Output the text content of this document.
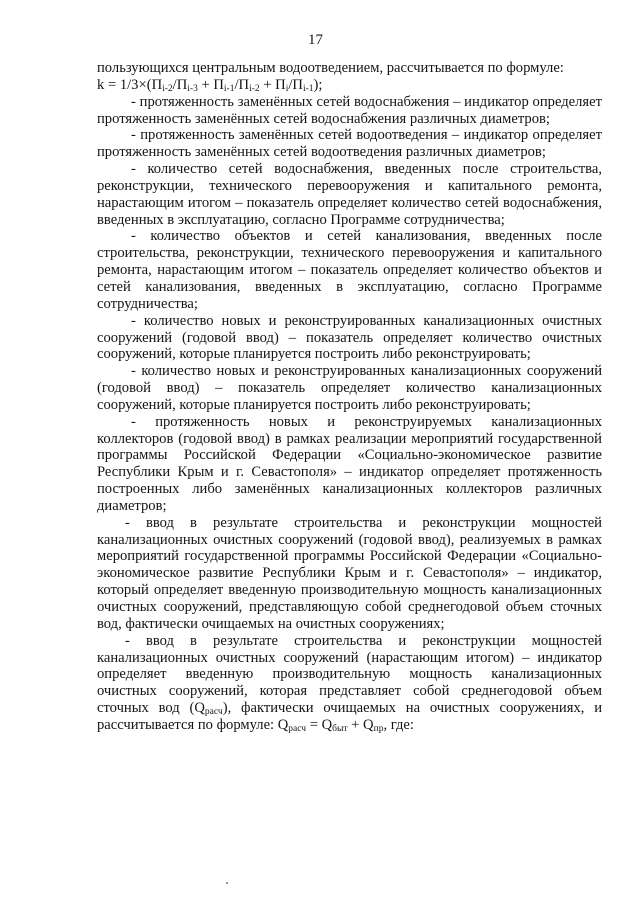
17

пользующихся центральным водоотведением, рассчитывается по формуле:

$k = 1/3\times(П_{i-2}/П_{i-3} + П_{i-1}/П_{i-2} + П_i/П_{i-1})$;

- протяженность заменённых сетей водоснабжения – индикатор определяет протяженность заменённых сетей водоснабжения различных диаметров;

- протяженность заменённых сетей водоотведения – индикатор определяет протяженность заменённых сетей водоотведения различных диаметров;

- количество сетей водоснабжения, введенных после строительства, реконструкции, технического перевооружения и капитального ремонта, нарастающим итогом – показатель определяет количество сетей водоснабжения, введенных в эксплуатацию, согласно Программе сотрудничества;

- количество объектов и сетей канализования, введенных после строительства, реконструкции, технического перевооружения и капитального ремонта, нарастающим итогом – показатель определяет количество объектов и сетей канализования, введенных в эксплуатацию, согласно Программе сотрудничества;

- количество новых и реконструированных канализационных очистных сооружений (годовой ввод) – показатель определяет количество очистных сооружений, которые планируется построить либо реконструировать;

- количество новых и реконструированных канализационных сооружений (годовой ввод) – показатель определяет количество канализационных сооружений, которые планируется построить либо реконструировать;

- протяженность новых и реконструируемых канализационных коллекторов (годовой ввод) в рамках реализации мероприятий государственной программы Российской Федерации «Социально-экономическое развитие Республики Крым и г. Севастополя» – индикатор определяет протяженность построенных либо заменённых канализационных коллекторов различных диаметров;

- ввод в результате строительства и реконструкции мощностей канализационных очистных сооружений (годовой ввод), реализуемых в рамках мероприятий государственной программы Российской Федерации «Социально-экономическое развитие Республики Крым и г. Севастополя» – индикатор, который определяет введенную производительную мощность канализационных очистных сооружений, представляющую собой среднегодовой объем сточных вод, фактически очищаемых на очистных сооружениях;

- ввод в результате строительства и реконструкции мощностей канализационных очистных сооружений (нарастающим итогом) – индикатор определяет введенную производительную мощность канализационных очистных сооружений, которая представляет собой среднегодовой объем сточных вод $(Q_{расч})$, фактически очищаемых на очистных сооружениях, и рассчитывается по формуле: $Q_{расч} = Q_{быт} + Q_{пр}$, где:
